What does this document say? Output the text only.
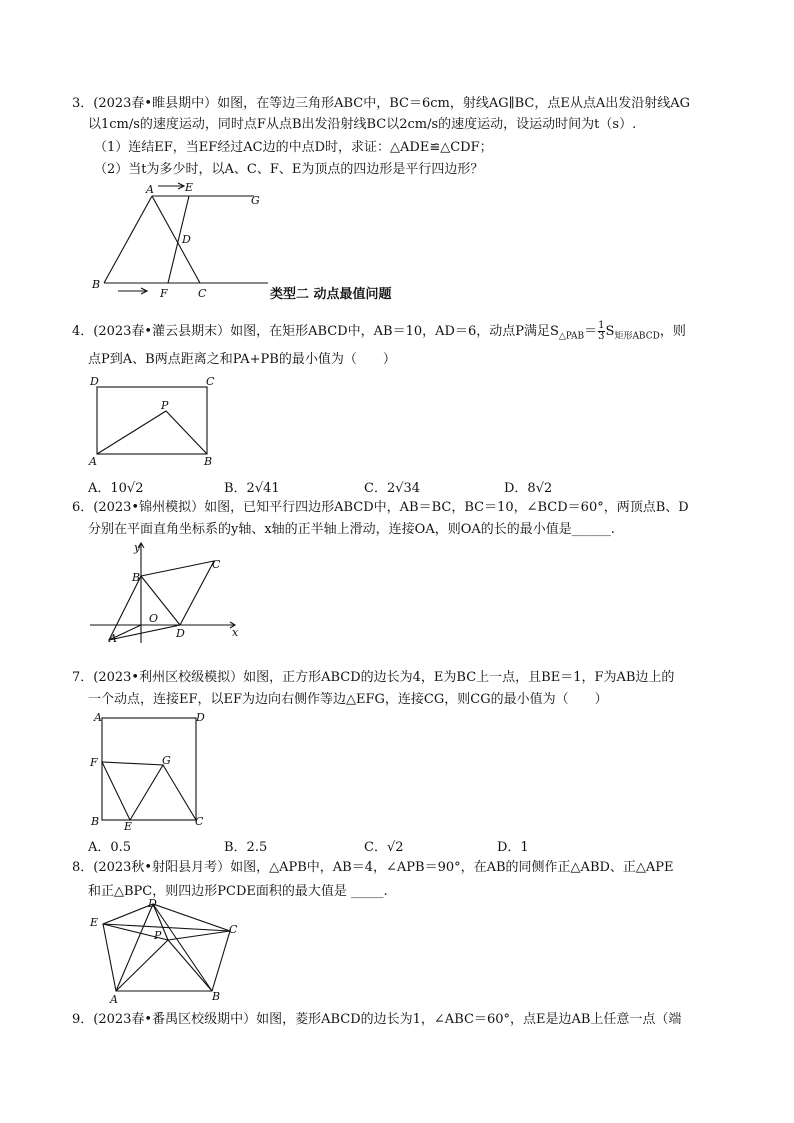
3．(2023春•睢县期中）如图，在等边三角形ABC中，BC＝6cm，射线AG∥BC，点E从点A出发沿射线AG
以1cm/s的速度运动，同时点F从点B出发沿射线BC以2cm/s的速度运动，设运动时间为t（s）.
（1）连结EF，当EF经过AC边的中点D时，求证：△ADE≌△CDF；
（2）当t为多少时，以A、C、F、E为顶点的四边形是平行四边形？
A	E
G
D
B
F	C	类型二 动点最值问题
4．(2023春•灌云县期末）如图，在矩形ABCD中，AB＝10，AD＝6，动点P满足$S_{\triangle PAB}= \frac{1}{3} S_{矩形ABCD}$，则
点P到A、B两点距离之和PA+PB的最小值为（　　）
D	C
P
A	B
A．10√2	B．2√41	C．2√34	D．8√2
6．(2023•锦州模拟）如图，已知平行四边形ABCD中，AB＝BC，BC＝10，∠BCD＝60°，两顶点B、D
分别在平面直角坐标系的y轴、x轴的正半轴上滑动，连接OA，则OA的长的最小值是______.
y
B
C
O
A	D	x
7．(2023•利州区校级模拟）如图，正方形ABCD的边长为4，E为BC上一点，且BE＝1，F为AB边上的
一个动点，连接EF，以EF为边向右侧作等边△EFG，连接CG，则CG的最小值为（　　）
A	D
F	G
B E	C
A．0.5	B．2.5	C．√2	D．1
8．(2023秋•射阳县月考）如图，△APB中，AB＝4，∠APB＝90°，在AB的同侧作正△ABD、正△APE
和正△BPC，则四边形PCDE面积的最大值是 _____.
D
E
C
P
A	B
9．(2023春•番禺区校级期中）如图，菱形ABCD的边长为1，∠ABC＝60°，点E是边AB上任意一点（端
